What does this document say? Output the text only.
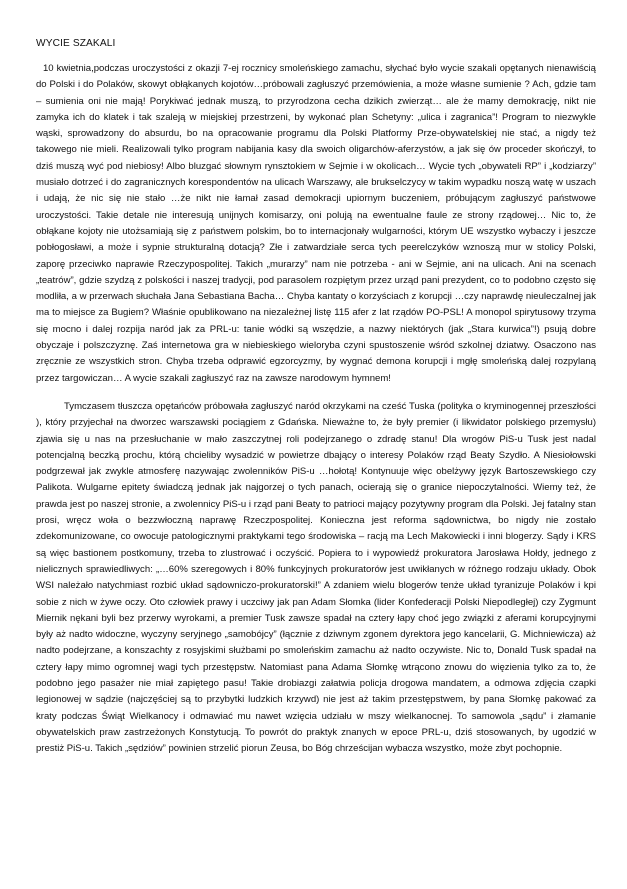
WYCIE SZAKALI

10 kwietnia,podczas uroczystości z okazji 7-ej rocznicy smoleńskiego zamachu, słychać było wycie szakali opętanych nienawiścią do Polski i do Polaków, skowyt obłąkanych kojotów…próbowali zagłuszyć przemówienia, a może własne sumienie ? Ach, gdzie tam – sumienia oni nie mają! Porykiwać jednak muszą, to przyrodzona cecha dzikich zwierząt… ale że mamy demokrację, nikt nie zamyka ich do klatek i tak szaleją w miejskiej przestrzeni, by wykonać plan Schetyny: „ulica i zagranica”! Program to niezwykle wąski, sprowadzony do absurdu, bo na opracowanie programu dla Polski Platformy Prze-obywatelskiej nie stać, a nigdy też takowego nie mieli. Realizowali tylko program nabijania kasy dla swoich oligarchów-aferzystów, a jak się ów proceder skończył, to dziś muszą wyć pod niebiosy! Albo bluzgać słownym rynsztokiem w Sejmie i w okolicach… Wycie tych „obywateli RP” i „kodziarzy” musiało dotrzeć i do zagranicznych korespondentów na ulicach Warszawy, ale brukselczycy w takim wypadku noszą watę w uszach i udają, że nic się nie stało …że nikt nie łamał zasad demokracji upiornym buczeniem, próbującym zagłuszyć państwowe uroczystości. Takie detale nie interesują unijnych komisarzy, oni polują na ewentualne faule ze strony rządowej… Nic to, że obłąkane kojoty nie utożsamiają się z państwem polskim, bo to internacjonały wulgarności, którym UE wszystko wybaczy i jeszcze pobłogosławi, a może i sypnie strukturalną dotacją? Złe i zatwardziałe serca tych peerelczyków wznoszą mur w stolicy Polski, zaporę przeciwko naprawie Rzeczypospolitej. Takich „murarzy” nam nie potrzeba - ani w Sejmie, ani na ulicach. Ani na scenach „teatrów”, gdzie szydzą z polskości i naszej tradycji, pod parasolem rozpiętym przez urząd pani prezydent, co to podobno często się modliła, a w przerwach słuchała Jana Sebastiana Bacha… Chyba kantaty o korzyściach z korupcji …czy naprawdę nieuleczalnej jak ma to miejsce za Bugiem? Właśnie opublikowano na niezależnej listę 115 afer z lat rządów PO-PSL! A monopol spirytusowy trzyma się mocno i dalej rozpija naród jak za PRL-u: tanie wódki są wszędzie, a nazwy niektórych (jak „Stara kurwica”!) psują dobre obyczaje i polszczyznę. Zaś internetowa gra w niebieskiego wieloryba czyni spustoszenie wśród szkolnej dziatwy. Osaczono nas zręcznie ze wszystkich stron. Chyba trzeba odprawić egzorcyzmy, by wygnać demona korupcji i mgłę smoleńską dalej rozpylaną przez targowiczan… A wycie szakali zagłuszyć raz na zawsze narodowym hymnem!

Tymczasem tłuszcza opętańców próbowała zagłuszyć naród okrzykami na cześć Tuska (polityka o kryminogennej przeszłości ), który przyjechał na dworzec warszawski pociągiem z Gdańska. Nieważne to, że były premier (i likwidator polskiego przemysłu) zjawia się u nas na przesłuchanie w mało zaszczytnej roli podejrzanego o zdradę stanu! Dla wrogów PiS-u Tusk jest nadal potencjalną beczką prochu, którą chcieliby wysadzić w powietrze dbający o interesy Polaków rząd Beaty Szydło. A Niesiołowski podgrzewał jak zwykle atmosferę nazywając zwolenników PiS-u …hołotą! Kontynuuje więc obelżywy język Bartoszewskiego czy Palikota. Wulgarne epitety świadczą jednak jak najgorzej o tych panach, ocierają się o granice niepoczytalności. Wiemy też, że prawda jest po naszej stronie, a zwolennicy PiS-u i rząd pani Beaty to patrioci mający pozytywny program dla Polski. Jej fatalny stan prosi, wręcz woła o bezzwłoczną naprawę Rzeczpospolitej. Konieczna jest reforma sądownictwa, bo nigdy nie zostało zdekomunizowane, co owocuje patologicznymi praktykami tego środowiska – racją ma Lech Makowiecki i inni blogerzy. Sądy i KRS są więc bastionem postkomuny, trzeba to zlustrować i oczyścić. Popiera to i wypowiedź prokuratora Jarosława Hołdy, jednego z nielicznych sprawiedliwych: „…60% szeregowych i 80% funkcyjnych prokuratorów jest uwikłanych w różnego rodzaju układy. Obok WSI należało natychmiast rozbić układ sądowniczo-prokuratorski!” A zdaniem wielu blogerów tenże układ tyranizuje Polaków i kpi sobie z nich w żywe oczy. Oto człowiek prawy i uczciwy jak pan Adam Słomka (lider Konfederacji Polski Niepodległej) czy Zygmunt Miernik nękani byli bez przerwy wyrokami, a premier Tusk zawsze spadał na cztery łapy choć jego związki z aferami korupcyjnymi były aż nadto widoczne, wyczyny seryjnego „samobójcy” (łącznie z dziwnym zgonem dyrektora jego kancelarii, G. Michniewicza) aż nadto podejrzane, a konszachty z rosyjskimi służbami po smoleńskim zamachu aż nadto oczywiste. Nic to, Donald Tusk spadał na cztery łapy mimo ogromnej wagi tych przestępstw. Natomiast pana Adama Słomkę wtrącono znowu do więzienia tylko za to, że podobno jego pasażer nie miał zapiętego pasu! Takie drobiazgi załatwia policja drogowa mandatem, a odmowa zdjęcia czapki legionowej w sądzie (najczęściej są to przybytki ludzkich krzywd) nie jest aż takim przestępstwem, by pana Słomkę pakować za kraty podczas Świąt Wielkanocy i odmawiać mu nawet wzięcia udziału w mszy wielkanocnej. To samowola „sądu” i złamanie obywatelskich praw zastrzeżonych Konstytucją. To powrót do praktyk znanych w epoce PRL-u, dziś stosowanych, by ugodzić w prestiż PiS-u. Takich „sędziów” powinien strzelić piorun Zeusa, bo Bóg chrześcijan wybacza wszystko, może zbyt pochopnie.
